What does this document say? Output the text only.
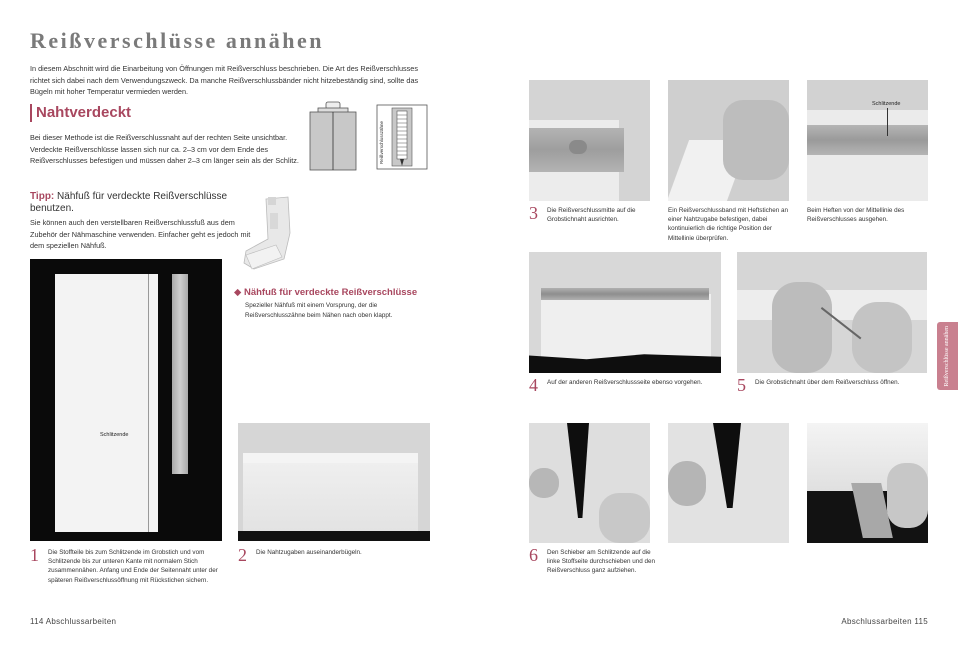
Reißverschlüsse annähen
In diesem Abschnitt wird die Einarbeitung von Öffnungen mit Reißverschluss beschrieben. Die Art des Reißverschlusses richtet sich dabei nach dem Verwendungszweck. Da manche Reißverschlussbänder nicht hitzebeständig sind, sollte das Bügeln mit hoher Temperatur vermieden werden.
Nahtverdeckt
Bei dieser Methode ist die Reißverschlussnaht auf der rechten Seite unsichtbar. Verdeckte Reißverschlüsse lassen sich nur ca. 2–3 cm vor dem Ende des Reißverschlusses befestigen und müssen daher 2–3 cm länger sein als der Schlitz.	Reißverschlusszähne
Tipp: Nähfuß für verdeckte Reißverschlüsse benutzen.
Sie können auch den verstellbaren Reißverschlussfuß aus dem Zubehör der Nähmaschine verwenden. Einfacher geht es jedoch mit dem speziellen Nähfuß.
◆ Nähfuß für verdeckte Reißverschlüsse
Spezieller Nähfuß mit einem Vorsprung, der die Reißverschlusszähne beim Nähen nach oben klappt.
Schlitzende
1	Die Stoffteile bis zum Schlitzende im Grobstich und vom Schlitzende bis zur unteren Kante mit normalem Stich zusammennähen. Anfang und Ende der Seitennaht unter der späteren Reißverschlussöffnung mit Rückstichen sichern.
2	Die Nahtzugaben auseinanderbügeln.
114 Abschlussarbeiten
Schlitzende
3	Die Reißverschlussmitte auf die Grobstichnaht ausrichten.
Ein Reißverschlussband mit Heftstichen an einer Nahtzugabe befestigen, dabei kontinuierlich die richtige Position der Mittellinie überprüfen.
Beim Heften von der Mittellinie des Reißverschlusses ausgehen.
4	Auf der anderen Reißverschlussseite ebenso vorgehen. 5	Die Grobstichnaht über dem Reißverschluss öffnen.
6	Den Schieber am Schlitzende auf die linke Stoffseite durchschieben und den Reißverschluss ganz aufziehen.
Reißverschlüsse annähen
Abschlussarbeiten 115
